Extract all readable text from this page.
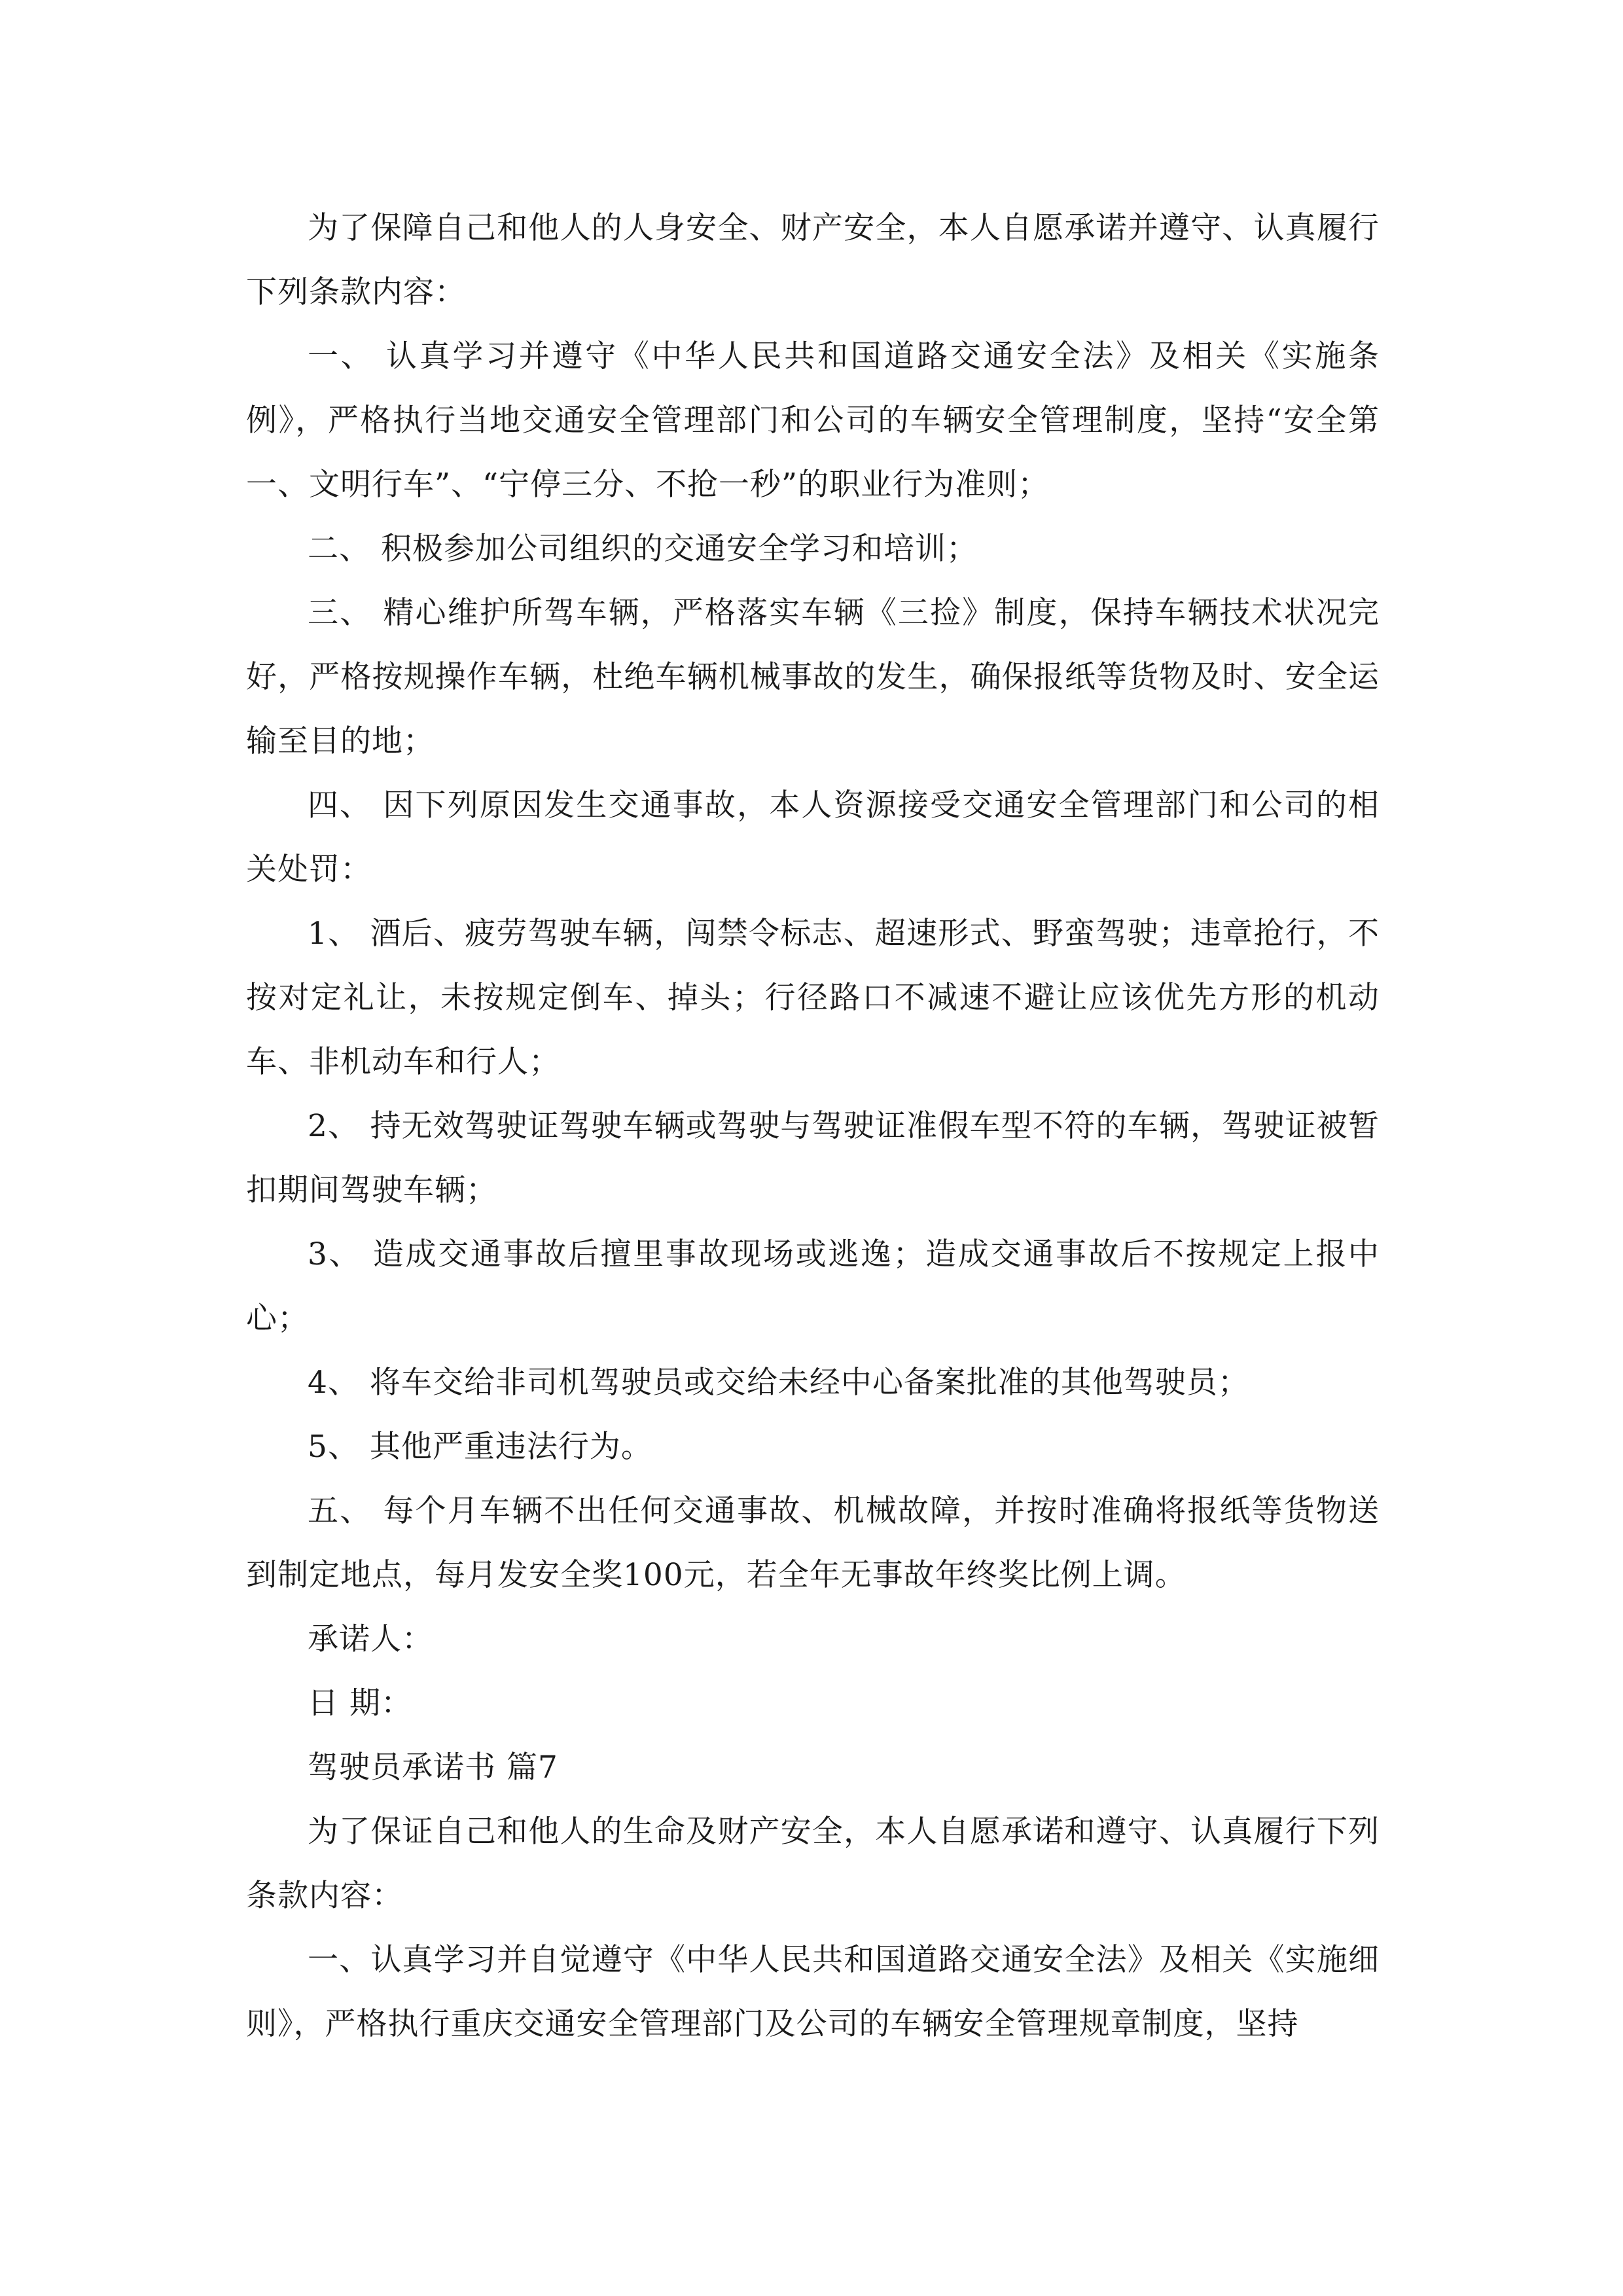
为了保障自己和他人的人身安全、财产安全，本人自愿承诺并遵守、认真履行下列条款内容：

一、 认真学习并遵守《中华人民共和国道路交通安全法》及相关《实施条例》，严格执行当地交通安全管理部门和公司的车辆安全管理制度，坚持“安全第一、文明行车”、“宁停三分、不抢一秒”的职业行为准则；

二、 积极参加公司组织的交通安全学习和培训；

三、 精心维护所驾车辆，严格落实车辆《三捡》制度，保持车辆技术状况完好，严格按规操作车辆，杜绝车辆机械事故的发生，确保报纸等货物及时、安全运输至目的地；

四、 因下列原因发生交通事故，本人资源接受交通安全管理部门和公司的相关处罚：

1、 酒后、疲劳驾驶车辆，闯禁令标志、超速形式、野蛮驾驶；违章抢行，不按对定礼让，未按规定倒车、掉头；行径路口不减速不避让应该优先方形的机动车、非机动车和行人；

2、 持无效驾驶证驾驶车辆或驾驶与驾驶证准假车型不符的车辆，驾驶证被暂扣期间驾驶车辆；

3、 造成交通事故后擅里事故现场或逃逸；造成交通事故后不按规定上报中心；

4、 将车交给非司机驾驶员或交给未经中心备案批准的其他驾驶员；

5、 其他严重违法行为。

五、 每个月车辆不出任何交通事故、机械故障，并按时准确将报纸等货物送到制定地点，每月发安全奖100元，若全年无事故年终奖比例上调。

承诺人：

日 期：

驾驶员承诺书 篇7

为了保证自己和他人的生命及财产安全，本人自愿承诺和遵守、认真履行下列条款内容：

一、认真学习并自觉遵守《中华人民共和国道路交通安全法》及相关《实施细则》，严格执行重庆交通安全管理部门及公司的车辆安全管理规章制度，坚持
